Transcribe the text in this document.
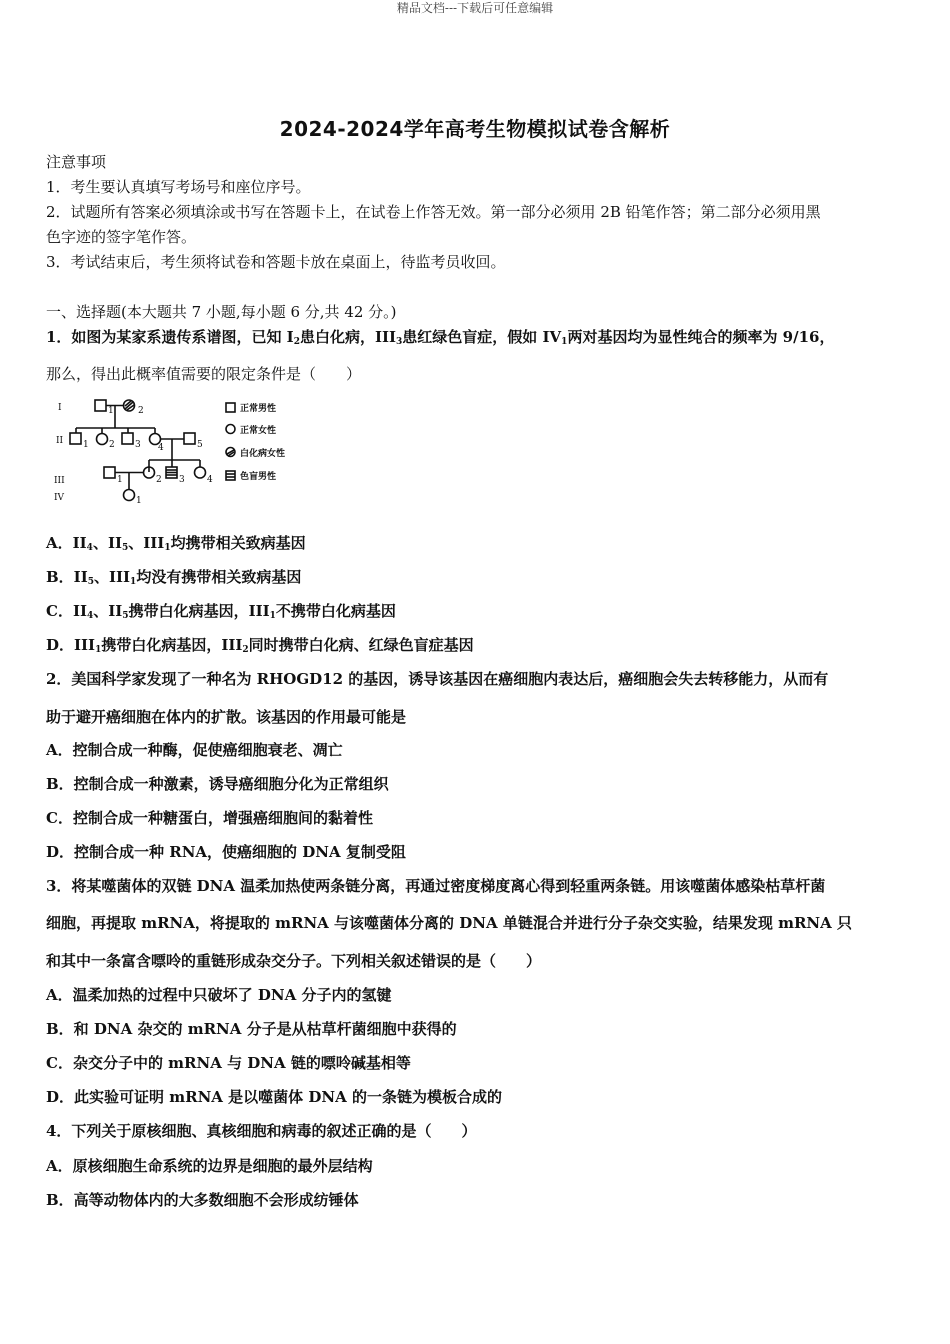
精品文档---下载后可任意编辑
2024-2024学年高考生物模拟试卷含解析
注意事项
1．考生要认真填写考场号和座位序号。
2．试题所有答案必须填涂或书写在答题卡上，在试卷上作答无效。第一部分必须用 2B 铅笔作答；第二部分必须用黑
色字迹的签字笔作答。
3．考试结束后，考生须将试卷和答题卡放在桌面上，待监考员收回。
一、选择题(本大题共 7 小题,每小题 6 分,共 42 分。)
1．如图为某家系遗传系谱图，已知 $I_2$患白化病，$III_3$患红绿色盲症，假如 $IV_1$两对基因均为显性纯合的频率为 9/16，
那么，得出此概率值需要的限定条件是（　　）
I
II
III
IV
1	2
1 2 3 4	5
1	2 3 4
1
正常男性
正常女性
白化病女性
色盲男性
A．$II_4$、$II_5$、$III_1$均携带相关致病基因
B．$II_5$、$III_1$均没有携带相关致病基因
C．$II_4$、$II_5$携带白化病基因，$III_1$不携带白化病基因
D．$III_1$携带白化病基因，$III_2$同时携带白化病、红绿色盲症基因
2．美国科学家发现了一种名为 RHOGD12 的基因，诱导该基因在癌细胞内表达后，癌细胞会失去转移能力，从而有
助于避开癌细胞在体内的扩散。该基因的作用最可能是
A．控制合成一种酶，促使癌细胞衰老、凋亡
B．控制合成一种激素，诱导癌细胞分化为正常组织
C．控制合成一种糖蛋白，增强癌细胞间的黏着性
D．控制合成一种 RNA，使癌细胞的 DNA 复制受阻
3．将某噬菌体的双链 DNA 温柔加热使两条链分离，再通过密度梯度离心得到轻重两条链。用该噬菌体感染枯草杆菌
细胞，再提取 mRNA，将提取的 mRNA 与该噬菌体分离的 DNA 单链混合并进行分子杂交实验，结果发现 mRNA 只
和其中一条富含嘌呤的重链形成杂交分子。下列相关叙述错误的是（　　）
A．温柔加热的过程中只破坏了 DNA 分子内的氢键
B．和 DNA 杂交的 mRNA 分子是从枯草杆菌细胞中获得的
C．杂交分子中的 mRNA 与 DNA 链的嘌呤碱基相等
D．此实验可证明 mRNA 是以噬菌体 DNA 的一条链为模板合成的
4．下列关于原核细胞、真核细胞和病毒的叙述正确的是（　　）
A．原核细胞生命系统的边界是细胞的最外层结构
B．高等动物体内的大多数细胞不会形成纺锤体
